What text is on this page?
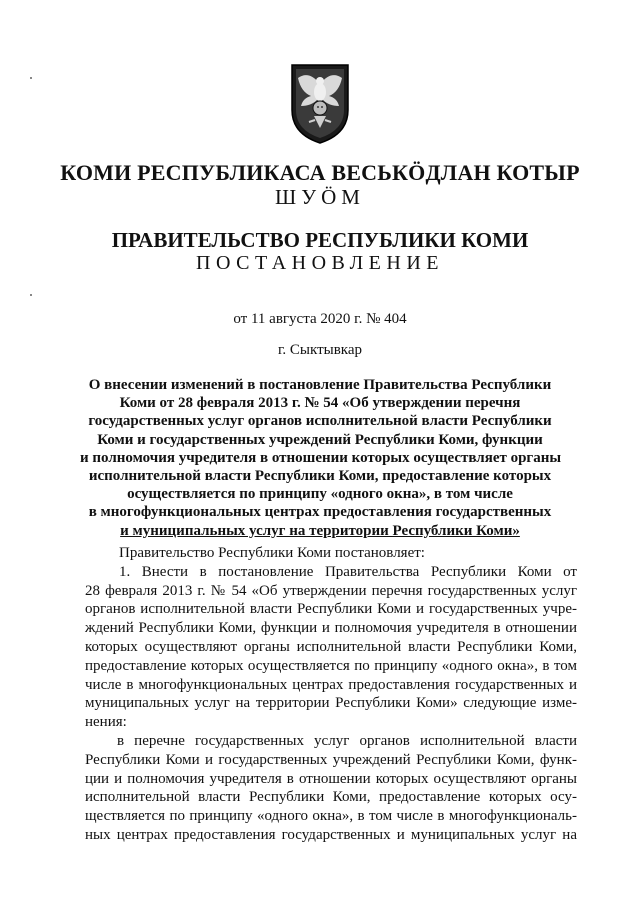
КОМИ РЕСПУБЛИКАСА ВЕСЬКӦДЛАН КОТЫР
ШУӦМ
ПРАВИТЕЛЬСТВО РЕСПУБЛИКИ КОМИ
ПОСТАНОВЛЕНИЕ
от 11 августа 2020 г. № 404
г. Сыктывкар
О внесении изменений в постановление Правительства Республики
Коми от 28 февраля 2013 г. № 54 «Об утверждении перечня
государственных услуг органов исполнительной власти Республики
Коми и государственных учреждений Республики Коми, функции
и полномочия учредителя в отношении которых осуществляет органы
исполнительной власти Республики Коми, предоставление которых
осуществляется по принципу «одного окна», в том числе
в многофункциональных центрах предоставления государственных
и муниципальных услуг на территории Республики Коми»
Правительство Республики Коми постановляет:
1. Внести в постановление Правительства Республики Коми от
28 февраля 2013 г. № 54 «Об утверждении перечня государственных услуг
органов исполнительной власти Республики Коми и государственных учре-
ждений Республики Коми, функции и полномочия учредителя в отношении
которых осуществляют органы исполнительной власти Республики Коми,
предоставление которых осуществляется по принципу «одного окна», в том
числе в многофункциональных центрах предоставления государственных и
муниципальных услуг на территории Республики Коми» следующие изме-
нения:
в перечне государственных услуг органов исполнительной власти
Республики Коми и государственных учреждений Республики Коми, функ-
ции и полномочия учредителя в отношении которых осуществляют органы
исполнительной власти Республики Коми, предоставление которых осу-
ществляется по принципу «одного окна», в том числе в многофункциональ-
ных центрах предоставления государственных и муниципальных услуг на
